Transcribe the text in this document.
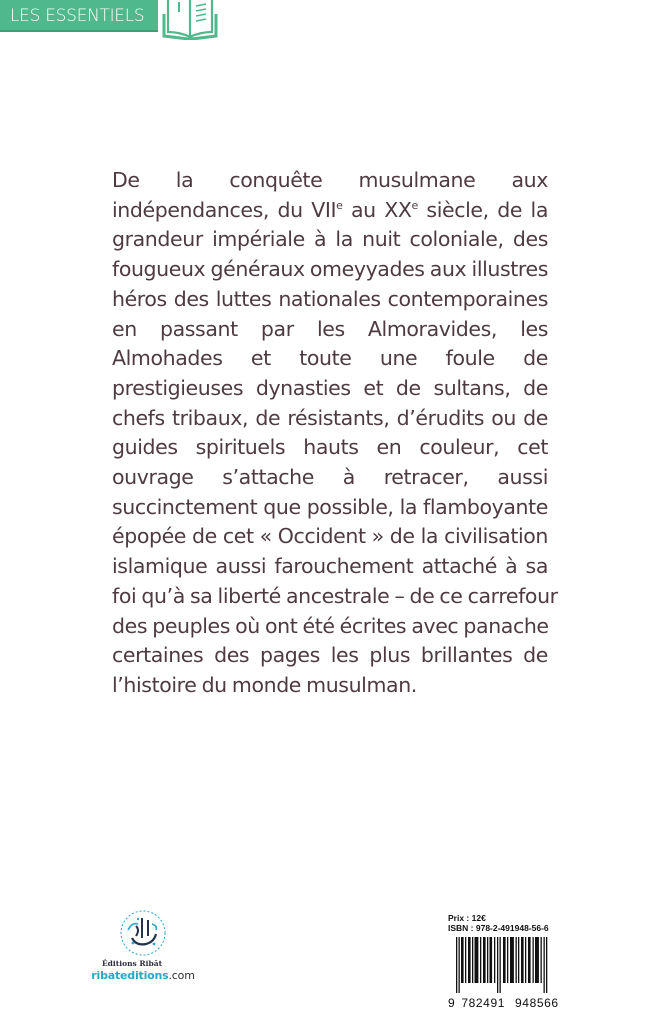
LES ESSENTIELS
De la conquête musulmane aux
indépendances, du VIIe au XXe siècle, de la
grandeur impériale à la nuit coloniale, des
fougueux généraux omeyyades aux illustres
héros des luttes nationales contemporaines
en passant par les Almoravides, les
Almohades et toute une foule de
prestigieuses dynasties et de sultans, de
chefs tribaux, de résistants, d’érudits ou de
guides spirituels hauts en couleur, cet
ouvrage s’attache à retracer, aussi
succinctement que possible, la flamboyante
épopée de cet « Occident » de la civilisation
islamique aussi farouchement attaché à sa
foi qu’à sa liberté ancestrale – de ce carrefour
des peuples où ont été écrites avec panache
certaines des pages les plus brillantes de
l’histoire du monde musulman.
Éditions Ribât
ribateditions.com
Prix : 12€
ISBN : 978-2-491948-56-6
9 782491 948566
